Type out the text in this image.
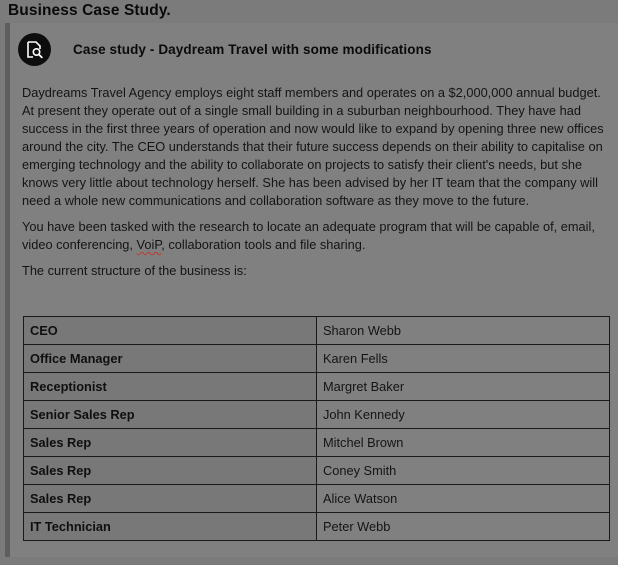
Business Case Study.
Case study - Daydream Travel with some modifications

Daydreams Travel Agency employs eight staff members and operates on a $2,000,000 annual budget. At present they operate out of a single small building in a suburban neighbourhood. They have had success in the first three years of operation and now would like to expand by opening three new offices around the city. The CEO understands that their future success depends on their ability to capitalise on emerging technology and the ability to collaborate on projects to satisfy their client's needs, but she knows very little about technology herself. She has been advised by her IT team that the company will need a whole new communications and collaboration software as they move to the future.

You have been tasked with the research to locate an adequate program that will be capable of, email, video conferencing, VoiP, collaboration tools and file sharing.

The current structure of the business is:

CEO	Sharon Webb
Office Manager	Karen Fells
Receptionist	Margret Baker
Senior Sales Rep	John Kennedy
Sales Rep	Mitchel Brown
Sales Rep	Coney Smith
Sales Rep	Alice Watson
IT Technician	Peter Webb
